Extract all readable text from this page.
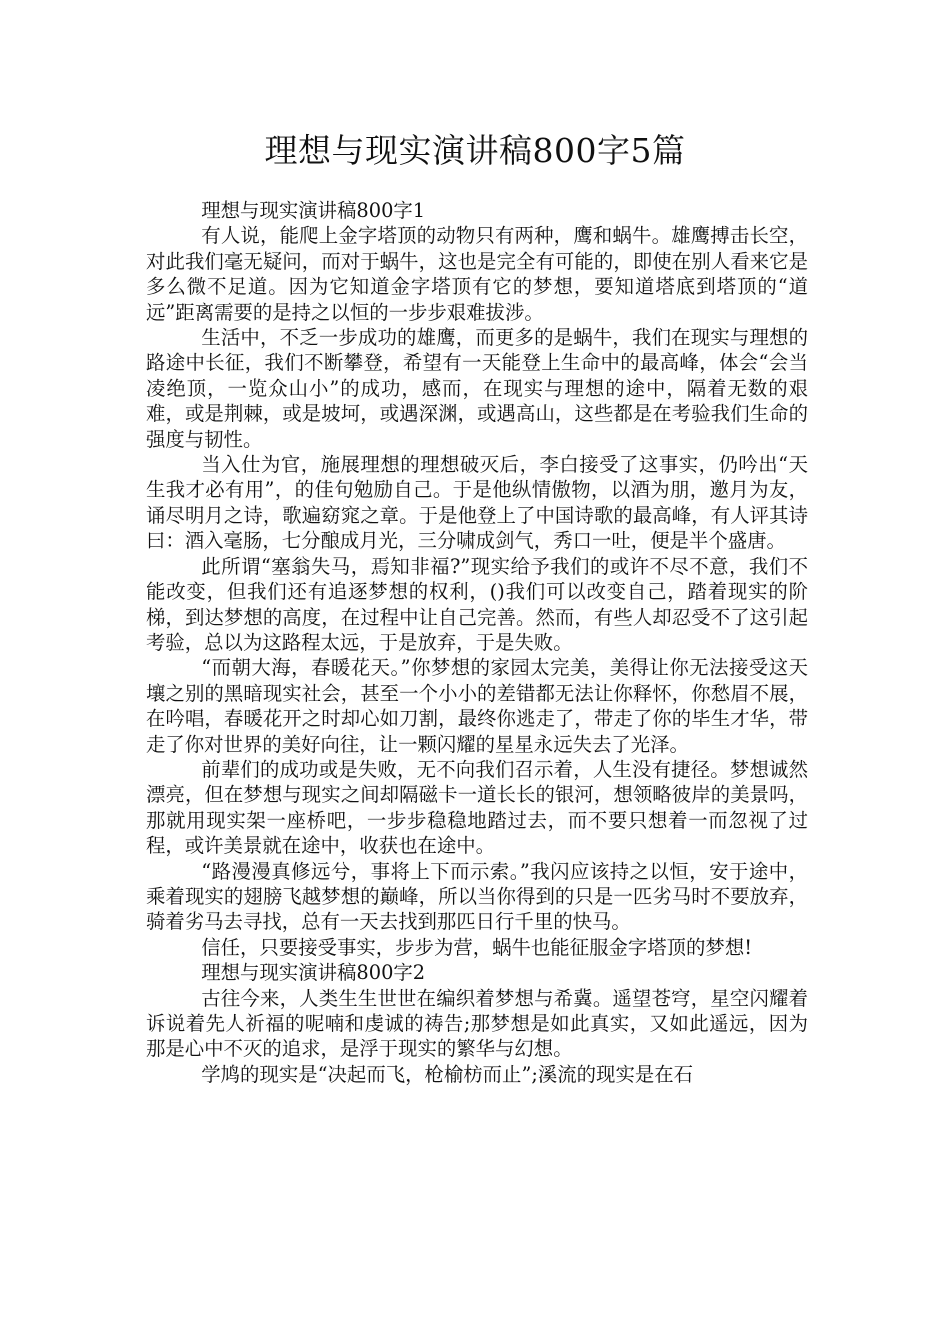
理想与现实演讲稿800字5篇

理想与现实演讲稿800字1

有人说，能爬上金字塔顶的动物只有两种，鹰和蜗牛。雄鹰搏击长空，对此我们毫无疑问，而对于蜗牛，这也是完全有可能的，即使在别人看来它是多么微不足道。因为它知道金字塔顶有它的梦想，要知道塔底到塔顶的“道远”距离需要的是持之以恒的一步步艰难拔涉。

生活中，不乏一步成功的雄鹰，而更多的是蜗牛，我们在现实与理想的路途中长征，我们不断攀登，希望有一天能登上生命中的最高峰，体会“会当凌绝顶，一览众山小”的成功，感而，在现实与理想的途中，隔着无数的艰难，或是荆棘，或是坡坷，或遇深渊，或遇高山，这些都是在考验我们生命的强度与韧性。

当入仕为官，施展理想的理想破灭后，李白接受了这事实，仍吟出“天生我才必有用”，的佳句勉励自己。于是他纵情傲物，以酒为朋，邀月为友，诵尽明月之诗，歌遍窈窕之章。于是他登上了中国诗歌的最高峰，有人评其诗曰：酒入毫肠，七分酿成月光，三分啸成剑气，秀口一吐，便是半个盛唐。

此所谓“塞翁失马，焉知非福?”现实给予我们的或许不尽不意，我们不能改变，但我们还有追逐梦想的权利，()我们可以改变自己，踏着现实的阶梯，到达梦想的高度，在过程中让自己完善。然而，有些人却忍受不了这引起考验，总以为这路程太远，于是放弃，于是失败。

“而朝大海，春暖花天。”你梦想的家园太完美，美得让你无法接受这天壤之别的黑暗现实社会，甚至一个小小的差错都无法让你释怀，你愁眉不展，在吟唱，春暖花开之时却心如刀割，最终你逃走了，带走了你的毕生才华，带走了你对世界的美好向往，让一颗闪耀的星星永远失去了光泽。

前辈们的成功或是失败，无不向我们召示着，人生没有捷径。梦想诚然漂亮，但在梦想与现实之间却隔磁卡一道长长的银河，想领略彼岸的美景吗，那就用现实架一座桥吧，一步步稳稳地踏过去，而不要只想着一而忽视了过程，或许美景就在途中，收获也在途中。

“路漫漫真修远兮，事将上下而示索。”我闪应该持之以恒，安于途中，乘着现实的翅膀飞越梦想的巅峰，所以当你得到的只是一匹劣马时不要放弃，骑着劣马去寻找，总有一天去找到那匹日行千里的快马。

信任，只要接受事实，步步为营，蜗牛也能征服金字塔顶的梦想!

理想与现实演讲稿800字2

古往今来，人类生生世世在编织着梦想与希冀。遥望苍穹，星空闪耀着诉说着先人祈福的呢喃和虔诚的祷告;那梦想是如此真实，又如此遥远，因为那是心中不灭的追求，是浮于现实的繁华与幻想。

学鸠的现实是“决起而飞，枪榆枋而止”;溪流的现实是在石
